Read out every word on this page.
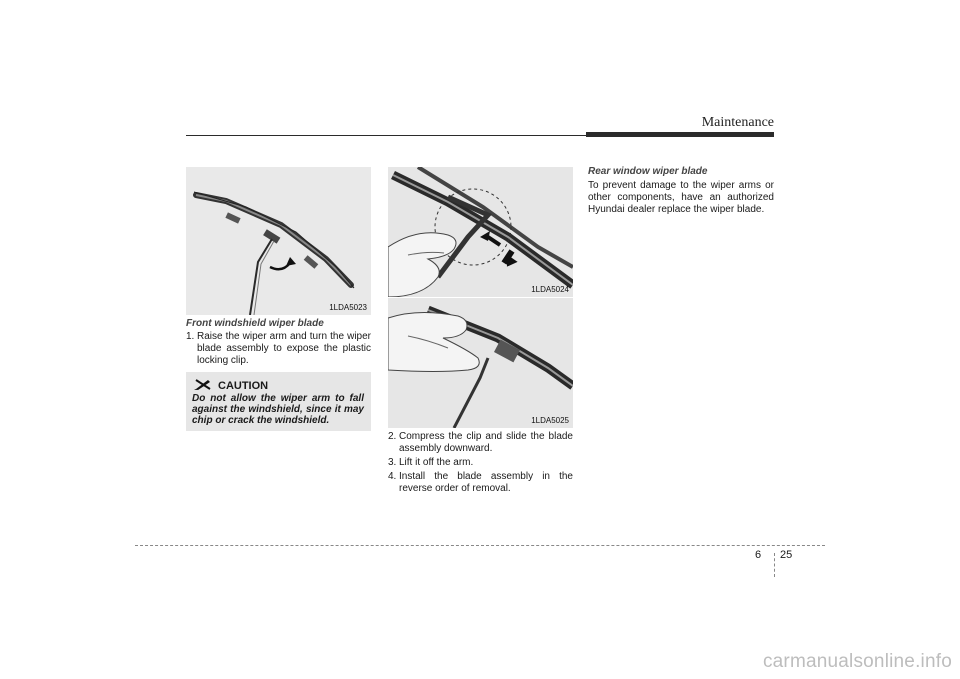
Maintenance
1LDA5023
Front windshield wiper blade
1. Raise the wiper arm and turn the wiper blade assembly to expose the plastic locking clip.
CAUTION
Do not allow the wiper arm to fall against the windshield, since it may chip or crack the windshield.
1LDA5024
1LDA5025
2. Compress the clip and slide the blade assembly downward.
3. Lift it off the arm.
4. Install the blade assembly in the reverse order of removal.
Rear window wiper blade
To prevent damage to the wiper arms or other components, have an authorized Hyundai dealer replace the wiper blade.
6 25
carmanualsonline.info
